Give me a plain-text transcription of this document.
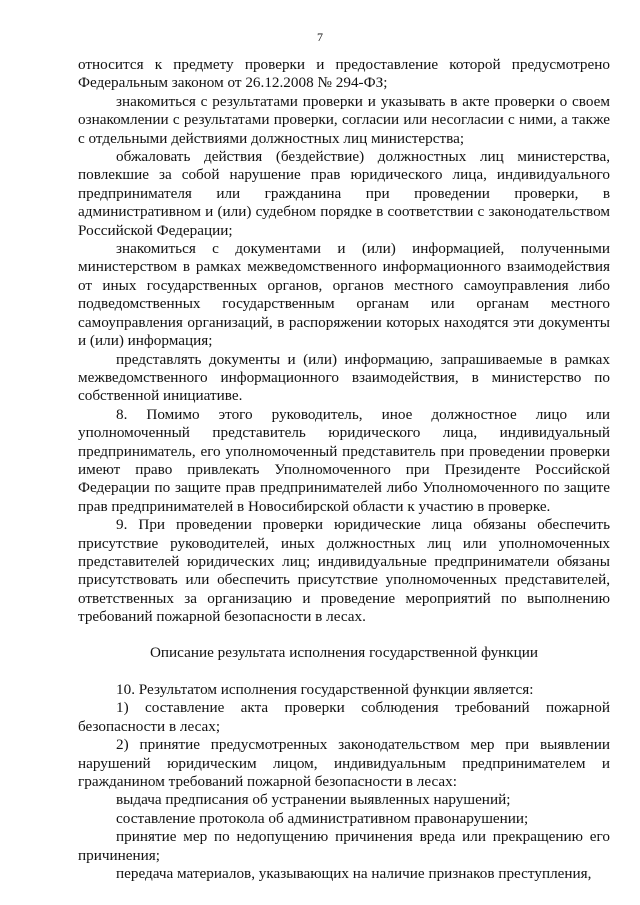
7

относится к предмету проверки и предоставление которой предусмотрено Федеральным законом от 26.12.2008 № 294-ФЗ;

знакомиться с результатами проверки и указывать в акте проверки о своем ознакомлении с результатами проверки, согласии или несогласии с ними, а также с отдельными действиями должностных лиц министерства;

обжаловать действия (бездействие) должностных лиц министерства, повлекшие за собой нарушение прав юридического лица, индивидуального предпринимателя или гражданина при проведении проверки, в административном и (или) судебном порядке в соответствии с законодательством Российской Федерации;

знакомиться с документами и (или) информацией, полученными министерством в рамках межведомственного информационного взаимодействия от иных государственных органов, органов местного самоуправления либо подведомственных государственным органам или органам местного самоуправления организаций, в распоряжении которых находятся эти документы и (или) информация;

представлять документы и (или) информацию, запрашиваемые в рамках межведомственного информационного взаимодействия, в министерство по собственной инициативе.

8. Помимо этого руководитель, иное должностное лицо или уполномоченный представитель юридического лица, индивидуальный предприниматель, его уполномоченный представитель при проведении проверки имеют право привлекать Уполномоченного при Президенте Российской Федерации по защите прав предпринимателей либо Уполномоченного по защите прав предпринимателей в Новосибирской области к участию в проверке.

9. При проведении проверки юридические лица обязаны обеспечить присутствие руководителей, иных должностных лиц или уполномоченных представителей юридических лиц; индивидуальные предприниматели обязаны присутствовать или обеспечить присутствие уполномоченных представителей, ответственных за организацию и проведение мероприятий по выполнению требований пожарной безопасности в лесах.

Описание результата исполнения государственной функции

10. Результатом исполнения государственной функции является:

1) составление акта проверки соблюдения требований пожарной безопасности в лесах;

2) принятие предусмотренных законодательством мер при выявлении нарушений юридическим лицом, индивидуальным предпринимателем и гражданином требований пожарной безопасности в лесах:

выдача предписания об устранении выявленных нарушений;

составление протокола об административном правонарушении;

принятие мер по недопущению причинения вреда или прекращению его причинения;

передача материалов, указывающих на наличие признаков преступления,
